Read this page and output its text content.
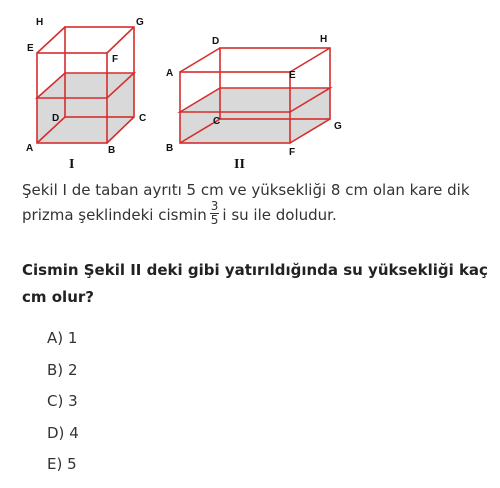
H	G
E
F
D	C
A	B
I
D	H
A	E
C	G
B	F
II
Şekil I de taban ayrıtı 5 cm ve yüksekliği 8 cm olan kare dik prizma şeklindeki cismin $\frac{3}{5}$ i su ile doludur.
Cismin Şekil II deki gibi yatırıldığında su yüksekliği kaç cm olur?
A) 1
B) 2
C) 3
D) 4
E) 5
